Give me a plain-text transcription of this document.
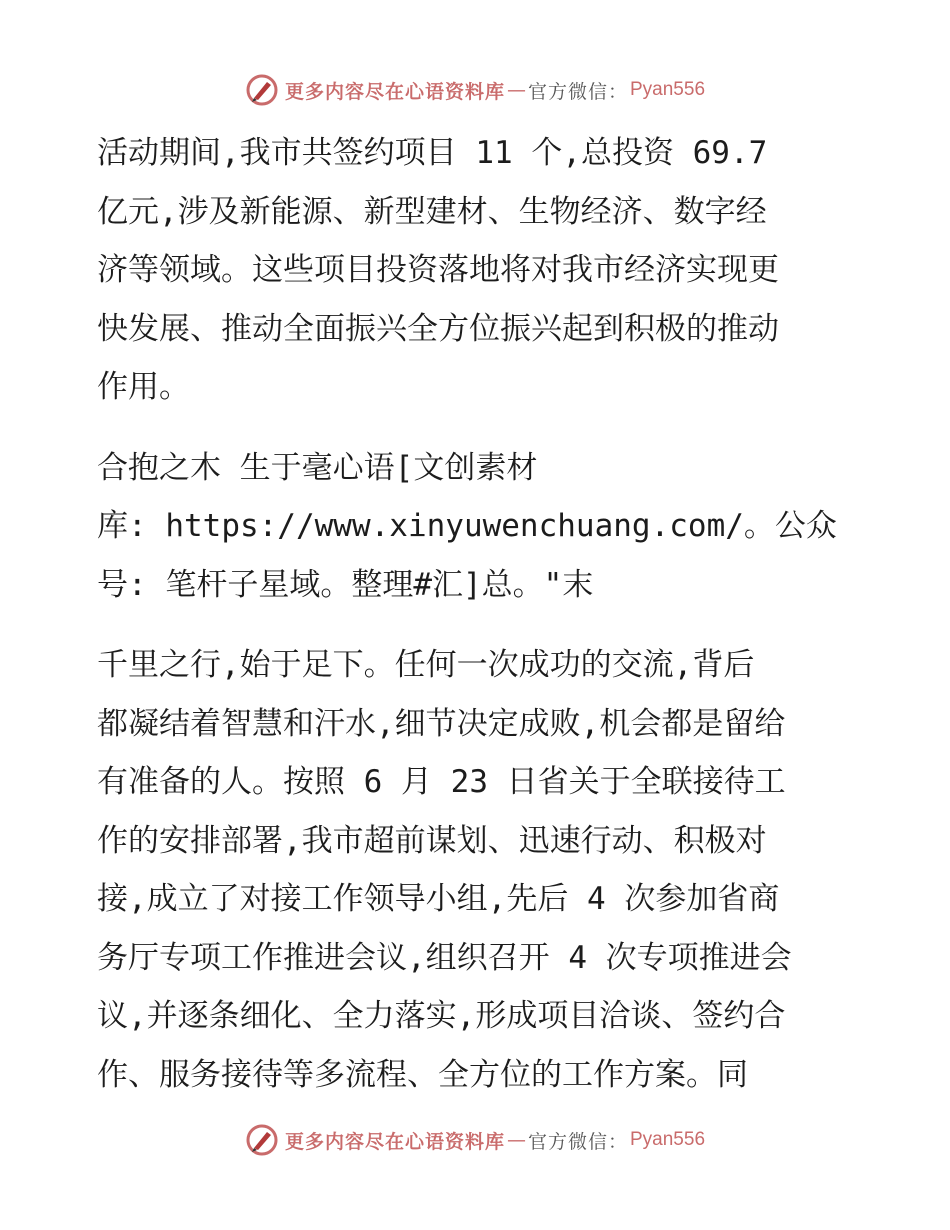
更多内容尽在心语资料库 — 官方微信： Pyan556

活动期间,我市共签约项目 11 个,总投资 69.7
亿元,涉及新能源、新型建材、生物经济、数字经
济等领域。这些项目投资落地将对我市经济实现更
快发展、推动全面振兴全方位振兴起到积极的推动
作用。

合抱之木 生于毫心语[文创素材
库: https://www.xinyuwenchuang.com/。公众
号: 笔杆子星域。整理#汇]总。"末

千里之行,始于足下。任何一次成功的交流,背后
都凝结着智慧和汗水,细节决定成败,机会都是留给
有准备的人。按照 6 月 23 日省关于全联接待工
作的安排部署,我市超前谋划、迅速行动、积极对
接,成立了对接工作领导小组,先后 4 次参加省商
务厅专项工作推进会议,组织召开 4 次专项推进会
议,并逐条细化、全力落实,形成项目洽谈、签约合
作、服务接待等多流程、全方位的工作方案。同

更多内容尽在心语资料库 — 官方微信： Pyan556
